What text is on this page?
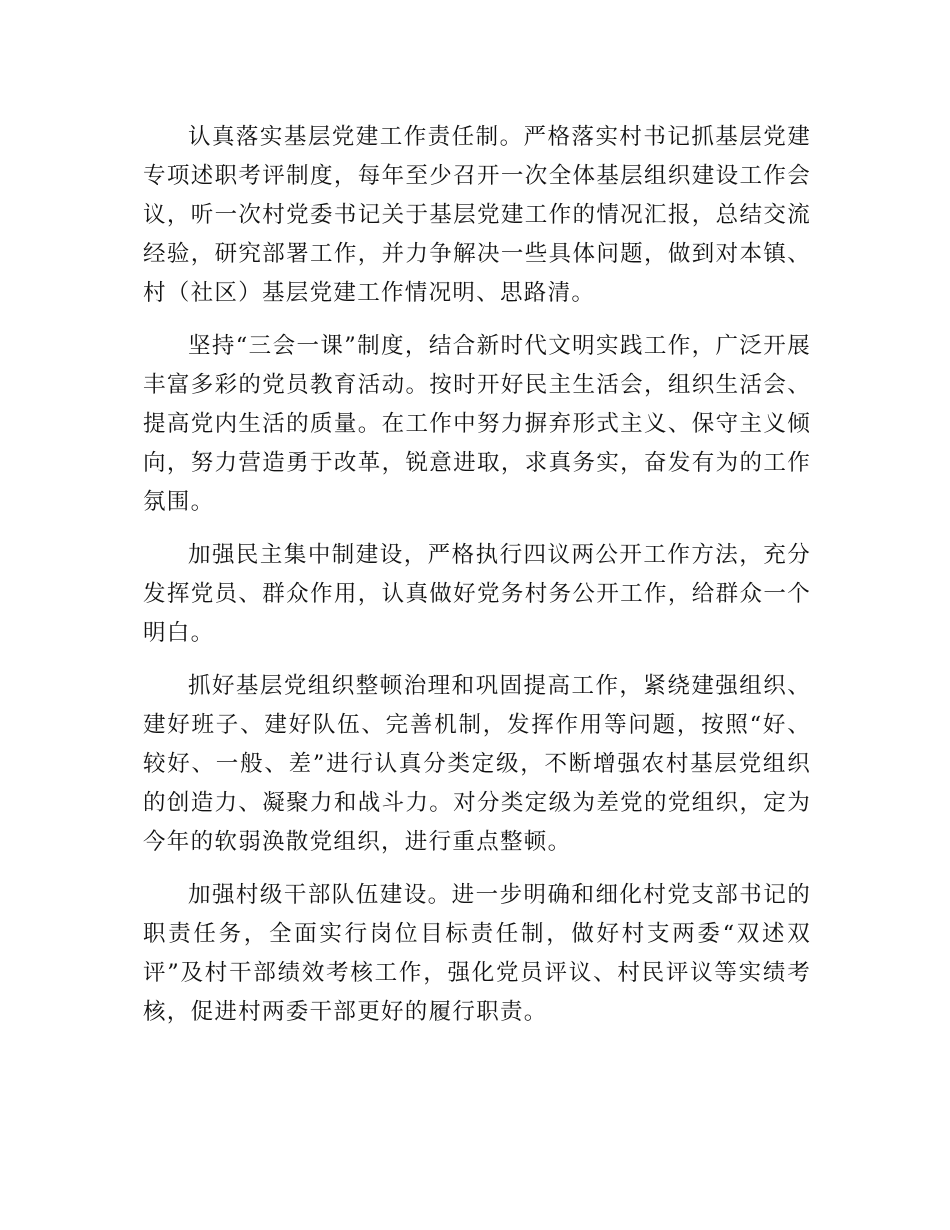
认真落实基层党建工作责任制。严格落实村书记抓基层党建专项述职考评制度，每年至少召开一次全体基层组织建设工作会议，听一次村党委书记关于基层党建工作的情况汇报，总结交流经验，研究部署工作，并力争解决一些具体问题，做到对本镇、村（社区）基层党建工作情况明、思路清。

坚持“三会一课”制度，结合新时代文明实践工作，广泛开展丰富多彩的党员教育活动。按时开好民主生活会，组织生活会、提高党内生活的质量。在工作中努力摒弃形式主义、保守主义倾向，努力营造勇于改革，锐意进取，求真务实，奋发有为的工作氛围。

加强民主集中制建设，严格执行四议两公开工作方法，充分发挥党员、群众作用，认真做好党务村务公开工作，给群众一个明白。

抓好基层党组织整顿治理和巩固提高工作，紧绕建强组织、建好班子、建好队伍、完善机制，发挥作用等问题，按照“好、较好、一般、差”进行认真分类定级，不断增强农村基层党组织的创造力、凝聚力和战斗力。对分类定级为差党的党组织，定为今年的软弱涣散党组织，进行重点整顿。

加强村级干部队伍建设。进一步明确和细化村党支部书记的职责任务，全面实行岗位目标责任制，做好村支两委“双述双评”及村干部绩效考核工作，强化党员评议、村民评议等实绩考核，促进村两委干部更好的履行职责。
